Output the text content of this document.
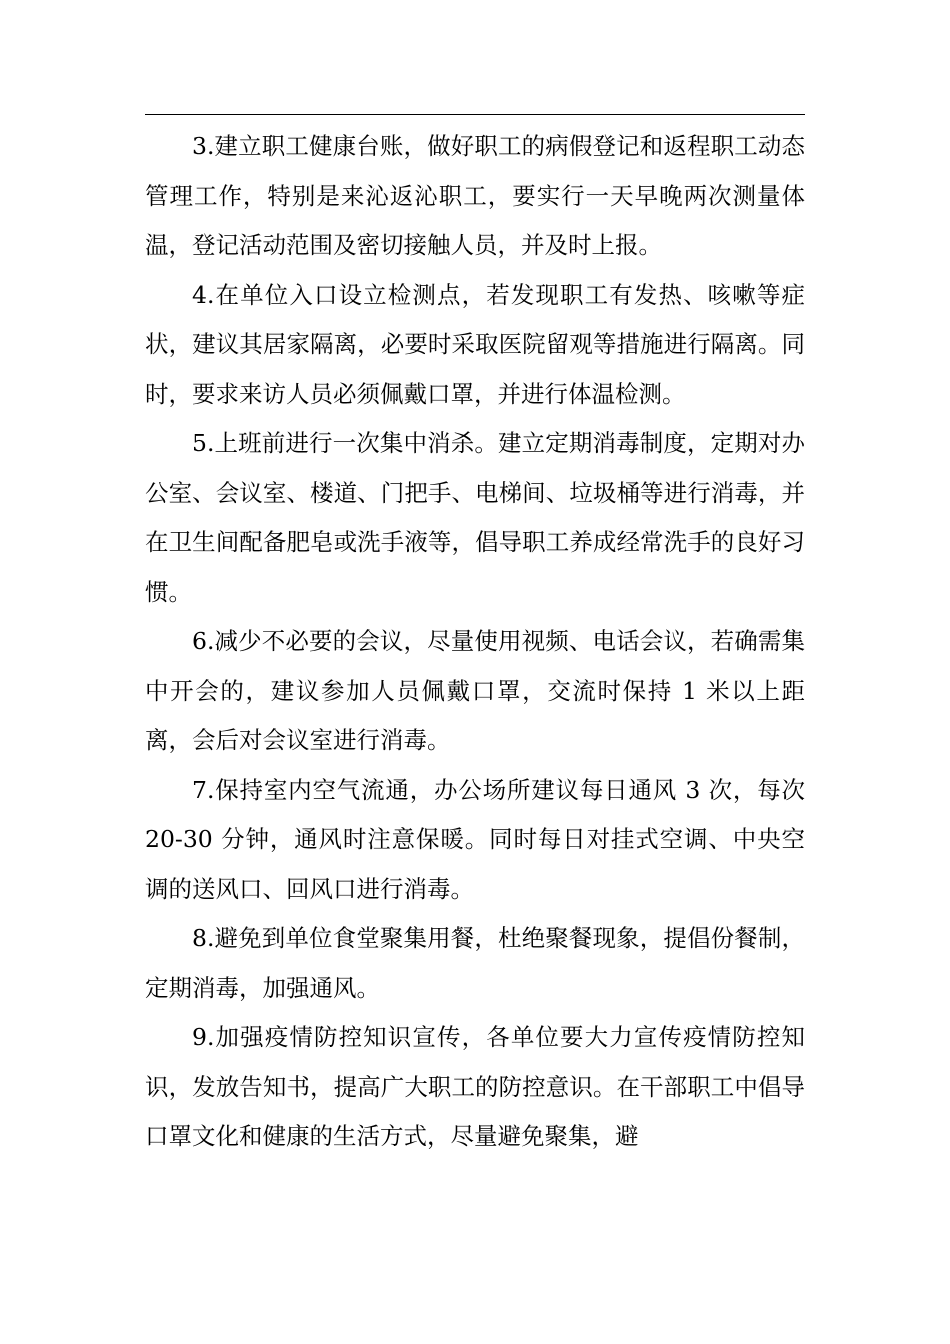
3.建立职工健康台账，做好职工的病假登记和返程职工动态管理工作，特别是来沁返沁职工，要实行一天早晚两次测量体温，登记活动范围及密切接触人员，并及时上报。

4.在单位入口设立检测点，若发现职工有发热、咳嗽等症状，建议其居家隔离，必要时采取医院留观等措施进行隔离。同时，要求来访人员必须佩戴口罩，并进行体温检测。

5.上班前进行一次集中消杀。建立定期消毒制度，定期对办公室、会议室、楼道、门把手、电梯间、垃圾桶等进行消毒，并在卫生间配备肥皂或洗手液等，倡导职工养成经常洗手的良好习惯。

6.减少不必要的会议，尽量使用视频、电话会议，若确需集中开会的，建议参加人员佩戴口罩，交流时保持 1 米以上距离，会后对会议室进行消毒。

7.保持室内空气流通，办公场所建议每日通风 3 次，每次 20-30 分钟，通风时注意保暖。同时每日对挂式空调、中央空调的送风口、回风口进行消毒。

8.避免到单位食堂聚集用餐，杜绝聚餐现象，提倡份餐制，定期消毒，加强通风。

9.加强疫情防控知识宣传，各单位要大力宣传疫情防控知识，发放告知书，提高广大职工的防控意识。在干部职工中倡导口罩文化和健康的生活方式，尽量避免聚集，避
